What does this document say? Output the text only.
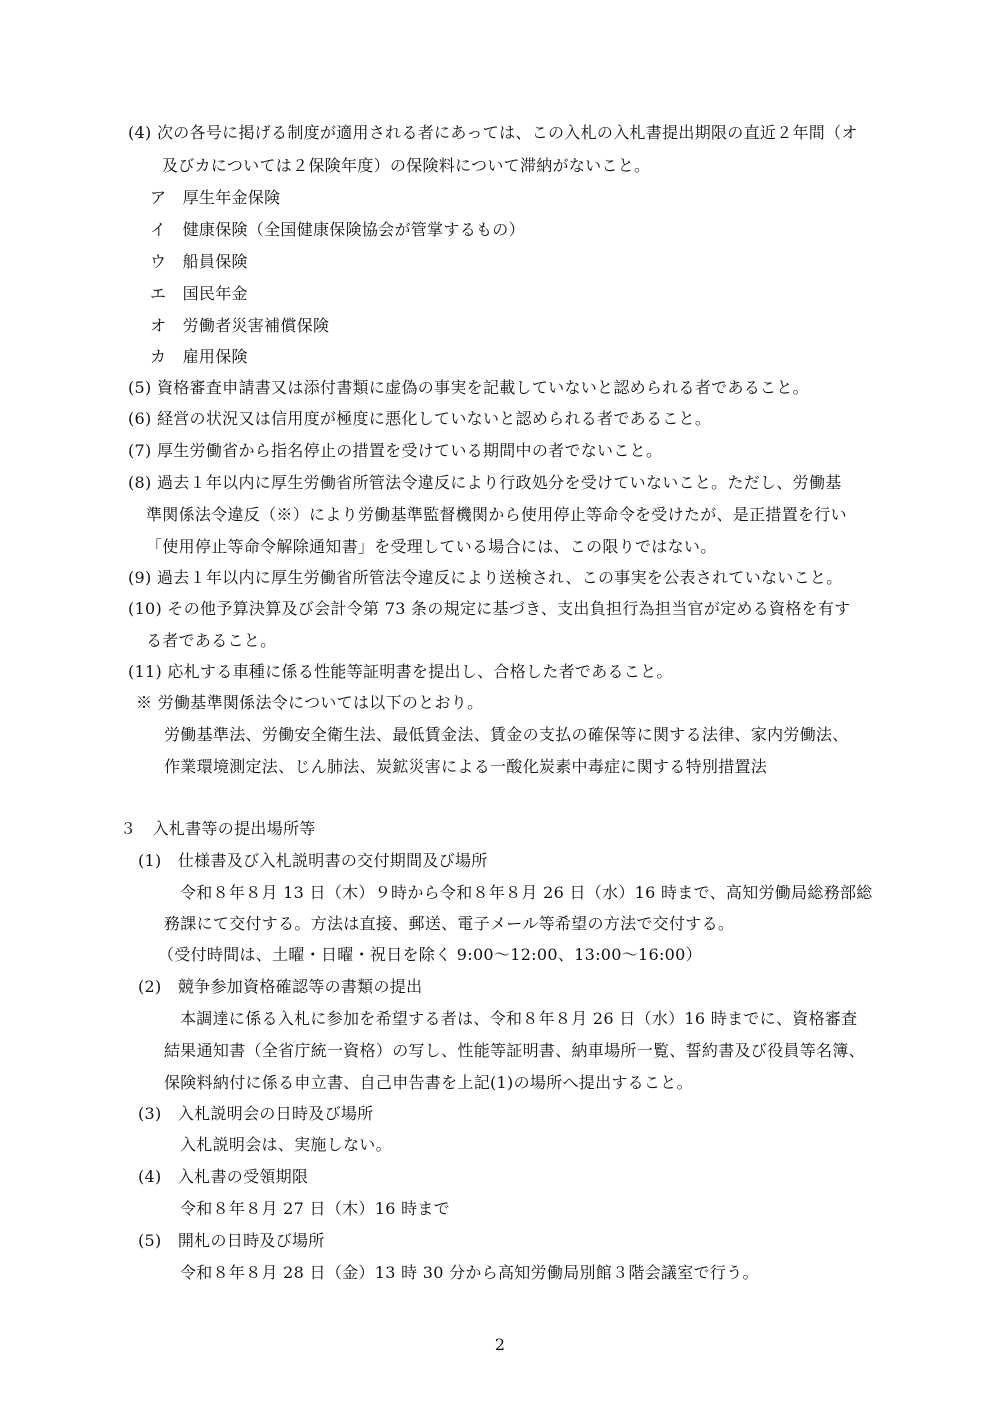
(4) 次の各号に掲げる制度が適用される者にあっては、この入札の入札書提出期限の直近２年間（オ
及びカについては２保険年度）の保険料について滞納がないこと。
ア　厚生年金保険
イ　健康保険（全国健康保険協会が管掌するもの）
ウ　船員保険
エ　国民年金
オ　労働者災害補償保険
カ　雇用保険
(5) 資格審査申請書又は添付書類に虚偽の事実を記載していないと認められる者であること。
(6) 経営の状況又は信用度が極度に悪化していないと認められる者であること。
(7) 厚生労働省から指名停止の措置を受けている期間中の者でないこと。
(8) 過去１年以内に厚生労働省所管法令違反により行政処分を受けていないこと。ただし、労働基
準関係法令違反（※）により労働基準監督機関から使用停止等命令を受けたが、是正措置を行い
「使用停止等命令解除通知書」を受理している場合には、この限りではない。
(9) 過去１年以内に厚生労働省所管法令違反により送検され、この事実を公表されていないこと。
(10) その他予算決算及び会計令第 73 条の規定に基づき、支出負担行為担当官が定める資格を有す
る者であること。
(11) 応札する車種に係る性能等証明書を提出し、合格した者であること。
※ 労働基準関係法令については以下のとおり。
労働基準法、労働安全衛生法、最低賃金法、賃金の支払の確保等に関する法律、家内労働法、
作業環境測定法、じん肺法、炭鉱災害による一酸化炭素中毒症に関する特別措置法
３　入札書等の提出場所等
(1)　仕様書及び入札説明書の交付期間及び場所
令和８年８月 13 日（木）９時から令和８年８月 26 日（水）16 時まで、高知労働局総務部総
務課にて交付する。方法は直接、郵送、電子メール等希望の方法で交付する。
（受付時間は、土曜・日曜・祝日を除く 9:00～12:00、13:00～16:00）
(2)　競争参加資格確認等の書類の提出
本調達に係る入札に参加を希望する者は、令和８年８月 26 日（水）16 時までに、資格審査
結果通知書（全省庁統一資格）の写し、性能等証明書、納車場所一覧、誓約書及び役員等名簿、
保険料納付に係る申立書、自己申告書を上記(1)の場所へ提出すること。
(3)　入札説明会の日時及び場所
入札説明会は、実施しない。
(4)　入札書の受領期限
令和８年８月 27 日（木）16 時まで
(5)　開札の日時及び場所
令和８年８月 28 日（金）13 時 30 分から高知労働局別館３階会議室で行う。
2
